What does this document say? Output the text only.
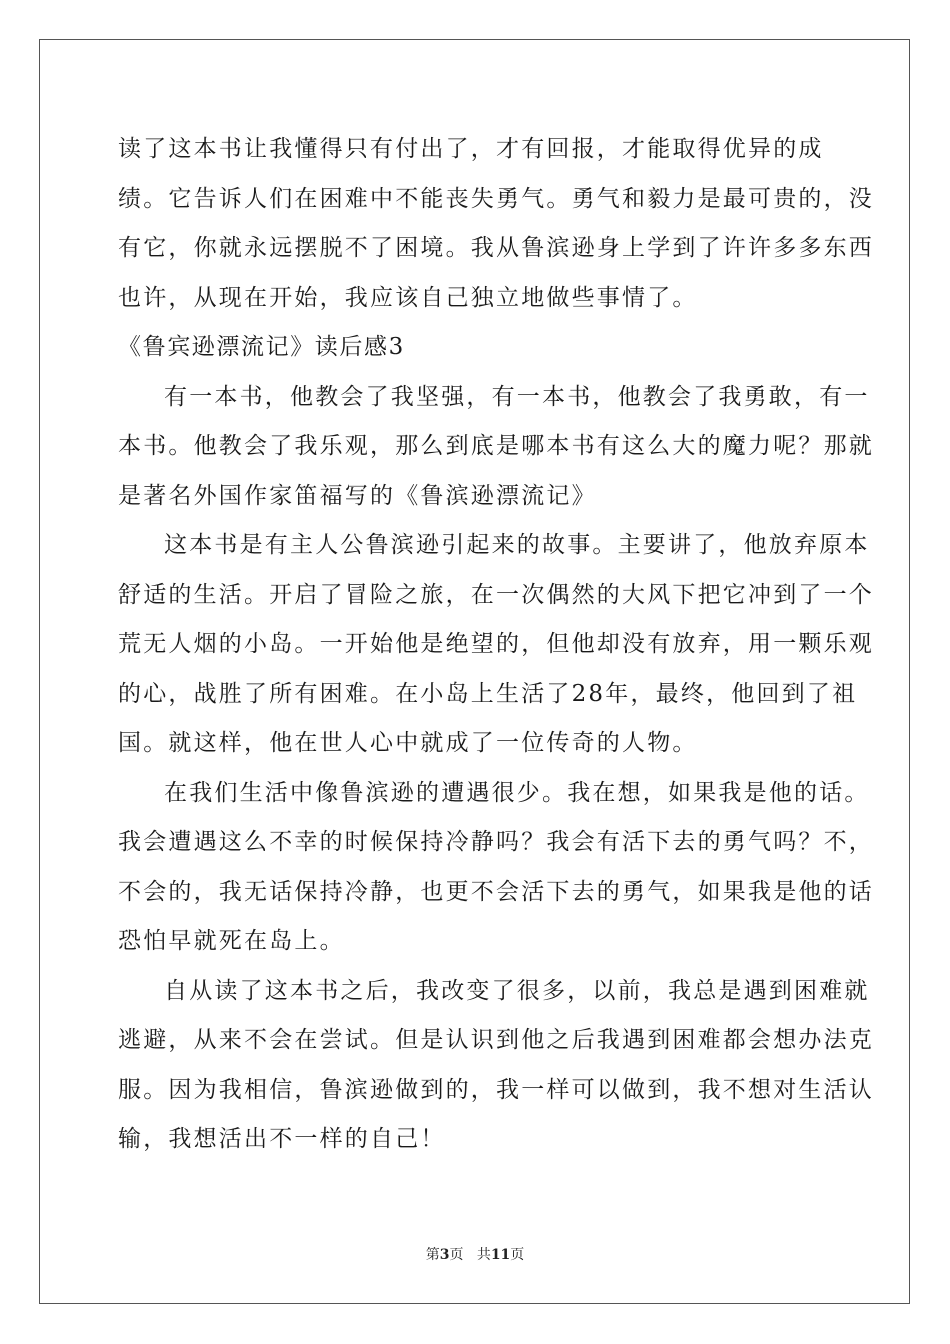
读了这本书让我懂得只有付出了，才有回报，才能取得优异的成
绩。它告诉人们在困难中不能丧失勇气。勇气和毅力是最可贵的，没
有它，你就永远摆脱不了困境。我从鲁滨逊身上学到了许许多多东西
也许，从现在开始，我应该自己独立地做些事情了。
《鲁宾逊漂流记》读后感3
有一本书，他教会了我坚强，有一本书，他教会了我勇敢，有一
本书。他教会了我乐观，那么到底是哪本书有这么大的魔力呢？那就
是著名外国作家笛福写的《鲁滨逊漂流记》
这本书是有主人公鲁滨逊引起来的故事。主要讲了，他放弃原本
舒适的生活。开启了冒险之旅，在一次偶然的大风下把它冲到了一个
荒无人烟的小岛。一开始他是绝望的，但他却没有放弃，用一颗乐观
的心，战胜了所有困难。在小岛上生活了28年，最终，他回到了祖
国。就这样，他在世人心中就成了一位传奇的人物。
在我们生活中像鲁滨逊的遭遇很少。我在想，如果我是他的话。
我会遭遇这么不幸的时候保持冷静吗？我会有活下去的勇气吗？不，
不会的，我无话保持冷静，也更不会活下去的勇气，如果我是他的话
恐怕早就死在岛上。
自从读了这本书之后，我改变了很多，以前，我总是遇到困难就
逃避，从来不会在尝试。但是认识到他之后我遇到困难都会想办法克
服。因为我相信，鲁滨逊做到的，我一样可以做到，我不想对生活认
输，我想活出不一样的自己！
第3页 共11页
